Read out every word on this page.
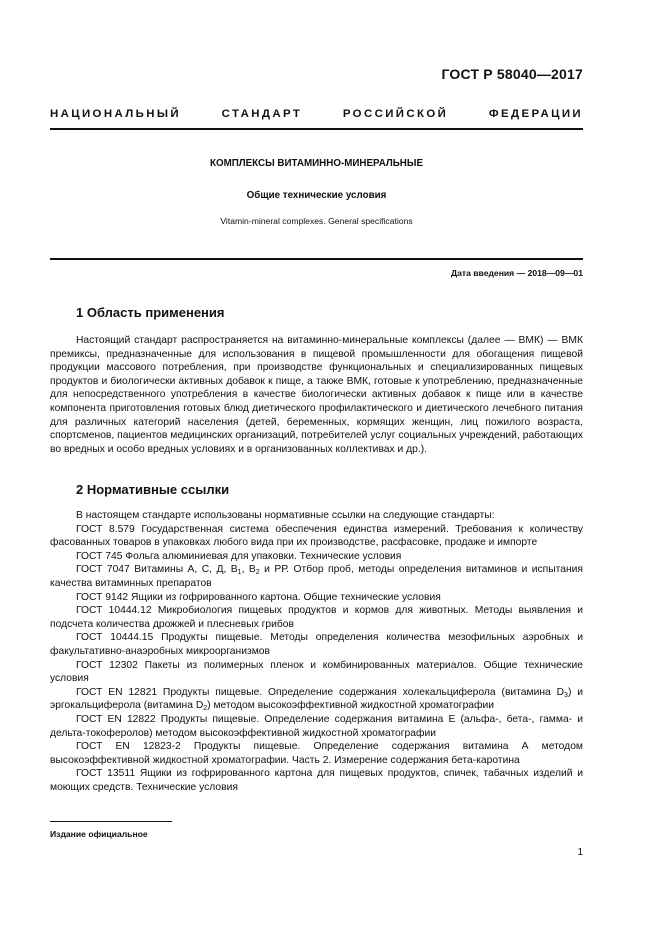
ГОСТ Р 58040—2017
НАЦИОНАЛЬНЫЙ СТАНДАРТ РОССИЙСКОЙ ФЕДЕРАЦИИ
КОМПЛЕКСЫ ВИТАМИННО-МИНЕРАЛЬНЫЕ
Общие технические условия
Vitamin-mineral complexes. General specifications
Дата введения — 2018—09—01
1 Область применения

Настоящий стандарт распространяется на витаминно-минеральные комплексы (далее — ВМК) — ВМК премиксы, предназначенные для использования в пищевой промышленности для обогащения пищевой продукции массового потребления, при производстве функциональных и специализированных пищевых продуктов и биологически активных добавок к пище, а также ВМК, готовые к употреблению, предназначенные для непосредственного употребления в качестве биологически активных добавок к пище или в качестве компонента приготовления готовых блюд диетического профилактического и диетического лечебного питания для различных категорий населения (детей, беременных, кормящих женщин, лиц пожилого возраста, спортсменов, пациентов медицинских организаций, потребителей услуг социальных учреждений, работающих во вредных и особо вредных условиях и в организованных коллективах и др.).

2 Нормативные ссылки

В настоящем стандарте использованы нормативные ссылки на следующие стандарты:

ГОСТ 8.579 Государственная система обеспечения единства измерений. Требования к количеству фасованных товаров в упаковках любого вида при их производстве, расфасовке, продаже и импорте

ГОСТ 745 Фольга алюминиевая для упаковки. Технические условия

ГОСТ 7047 Витамины А, С, Д, $В_1$, $В_2$ и РР. Отбор проб, методы определения витаминов и испытания качества витаминных препаратов

ГОСТ 9142 Ящики из гофрированного картона. Общие технические условия

ГОСТ 10444.12 Микробиология пищевых продуктов и кормов для животных. Методы выявления и подсчета количества дрожжей и плесневых грибов

ГОСТ 10444.15 Продукты пищевые. Методы определения количества мезофильных аэробных и факультативно-анаэробных микроорганизмов

ГОСТ 12302 Пакеты из полимерных пленок и комбинированных материалов. Общие технические условия

ГОСТ EN 12821 Продукты пищевые. Определение содержания холекальциферола (витамина $D_3$) и эргокальциферола (витамина $D_2$) методом высокоэффективной жидкостной хроматографии

ГОСТ EN 12822 Продукты пищевые. Определение содержания витамина Е (альфа-, бета-, гамма- и дельта-токоферолов) методом высокоэффективной жидкостной хроматографии

ГОСТ EN 12823-2 Продукты пищевые. Определение содержания витамина А методом высокоэффективной жидкостной хроматографии. Часть 2. Измерение содержания бета-каротина

ГОСТ 13511 Ящики из гофрированного картона для пищевых продуктов, спичек, табачных изделий и моющих средств. Технические условия

Издание официальное
1
